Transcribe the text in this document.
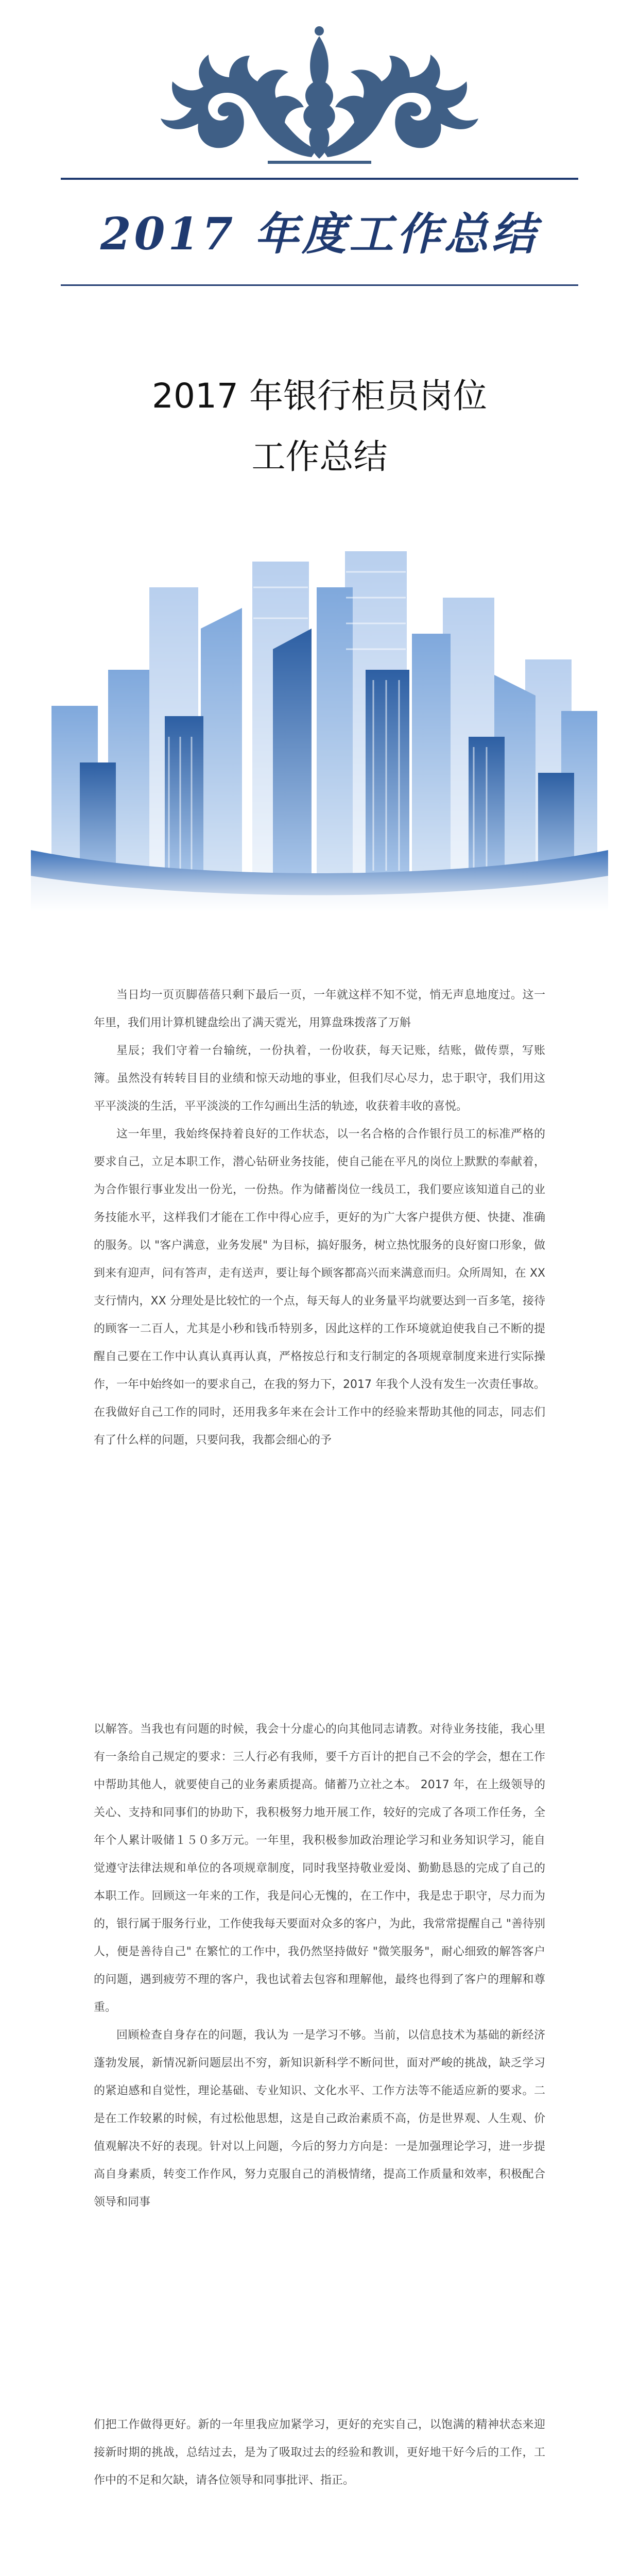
2017 年度工作总结
2017 年银行柜员岗位
工作总结

当日均一页页脚蓓蓓只剩下最后一页，一年就这样不知不觉，悄无声息地度过。这一年里，我们用计算机键盘绘出了满天霓光，用算盘珠拨落了万斛

星辰；我们守着一台输统，一份执着，一份收获，每天记账，结账，做传票，写账簿。虽然没有转转目目的业绩和惊天动地的事业，但我们尽心尽力，忠于职守，我们用这平平淡淡的生活，平平淡淡的工作勾画出生活的轨迹，收获着丰收的喜悦。

这一年里，我始终保持着良好的工作状态，以一名合格的合作银行员工的标准严格的要求自己，立足本职工作，潜心钻研业务技能，使自己能在平凡的岗位上默默的奉献着，为合作银行事业发出一份光，一份热。作为储蓄岗位一线员工，我们要应该知道自己的业务技能水平，这样我们才能在工作中得心应手，更好的为广大客户提供方便、快捷、准确的服务。以 "客户满意，业务发展" 为目标，搞好服务，树立热忱服务的良好窗口形象，做到来有迎声，问有答声，走有送声，要让每个顾客都高兴而来满意而归。众所周知，在 XX 支行情内，XX 分理处是比较忙的一个点，每天每人的业务量平均就要达到一百多笔，接待的顾客一二百人，尤其是小秒和钱币特别多，因此这样的工作环境就迫使我自己不断的提醒自己要在工作中认真认真再认真，严格按总行和支行制定的各项规章制度来进行实际操作，一年中始终如一的要求自己，在我的努力下，2017 年我个人没有发生一次责任事故。在我做好自己工作的同时，还用我多年来在会计工作中的经验来帮助其他的同志，同志们有了什么样的问题，只要问我，我都会细心的予

以解答。当我也有问题的时候，我会十分虚心的向其他同志请教。对待业务技能，我心里有一条给自己规定的要求：三人行必有我师，要千方百计的把自己不会的学会，想在工作中帮助其他人，就要使自己的业务素质提高。储蓄乃立社之本。 2017 年，在上级领导的关心、支持和同事们的协助下，我积极努力地开展工作，较好的完成了各项工作任务，全年个人累计吸储１５０多万元。一年里，我积极参加政治理论学习和业务知识学习，能自觉遵守法律法规和单位的各项规章制度，同时我坚持敬业爱岗、勤勤恳恳的完成了自己的本职工作。回顾这一年来的工作，我是问心无愧的，在工作中，我是忠于职守，尽力而为的，银行属于服务行业，工作使我每天要面对众多的客户，为此，我常常提醒自己 "善待别人，便是善待自己" 在繁忙的工作中，我仍然坚持做好 "微笑服务"，耐心细致的解答客户的问题，遇到疲劳不理的客户，我也试着去包容和理解他，最终也得到了客户的理解和尊重。

回顾检查自身存在的问题，我认为 一是学习不够。当前，以信息技术为基础的新经济蓬勃发展，新情况新问题层出不穷，新知识新科学不断问世，面对严峻的挑战，缺乏学习的紧迫感和自觉性，理论基础、专业知识、文化水平、工作方法等不能适应新的要求。二是在工作较累的时候，有过松他思想，这是自己政治素质不高，仿是世界观、人生观、价值观解决不好的表现。针对以上问题，今后的努力方向是：一是加强理论学习，进一步提高自身素质，转变工作作风，努力克服自己的消极情绪，提高工作质量和效率，积极配合领导和同事

们把工作做得更好。新的一年里我应加紧学习，更好的充实自己，以饱满的精神状态来迎接新时期的挑战，总结过去，是为了吸取过去的经验和教训，更好地干好今后的工作，工作中的不足和欠缺，请各位领导和同事批评、指正。
